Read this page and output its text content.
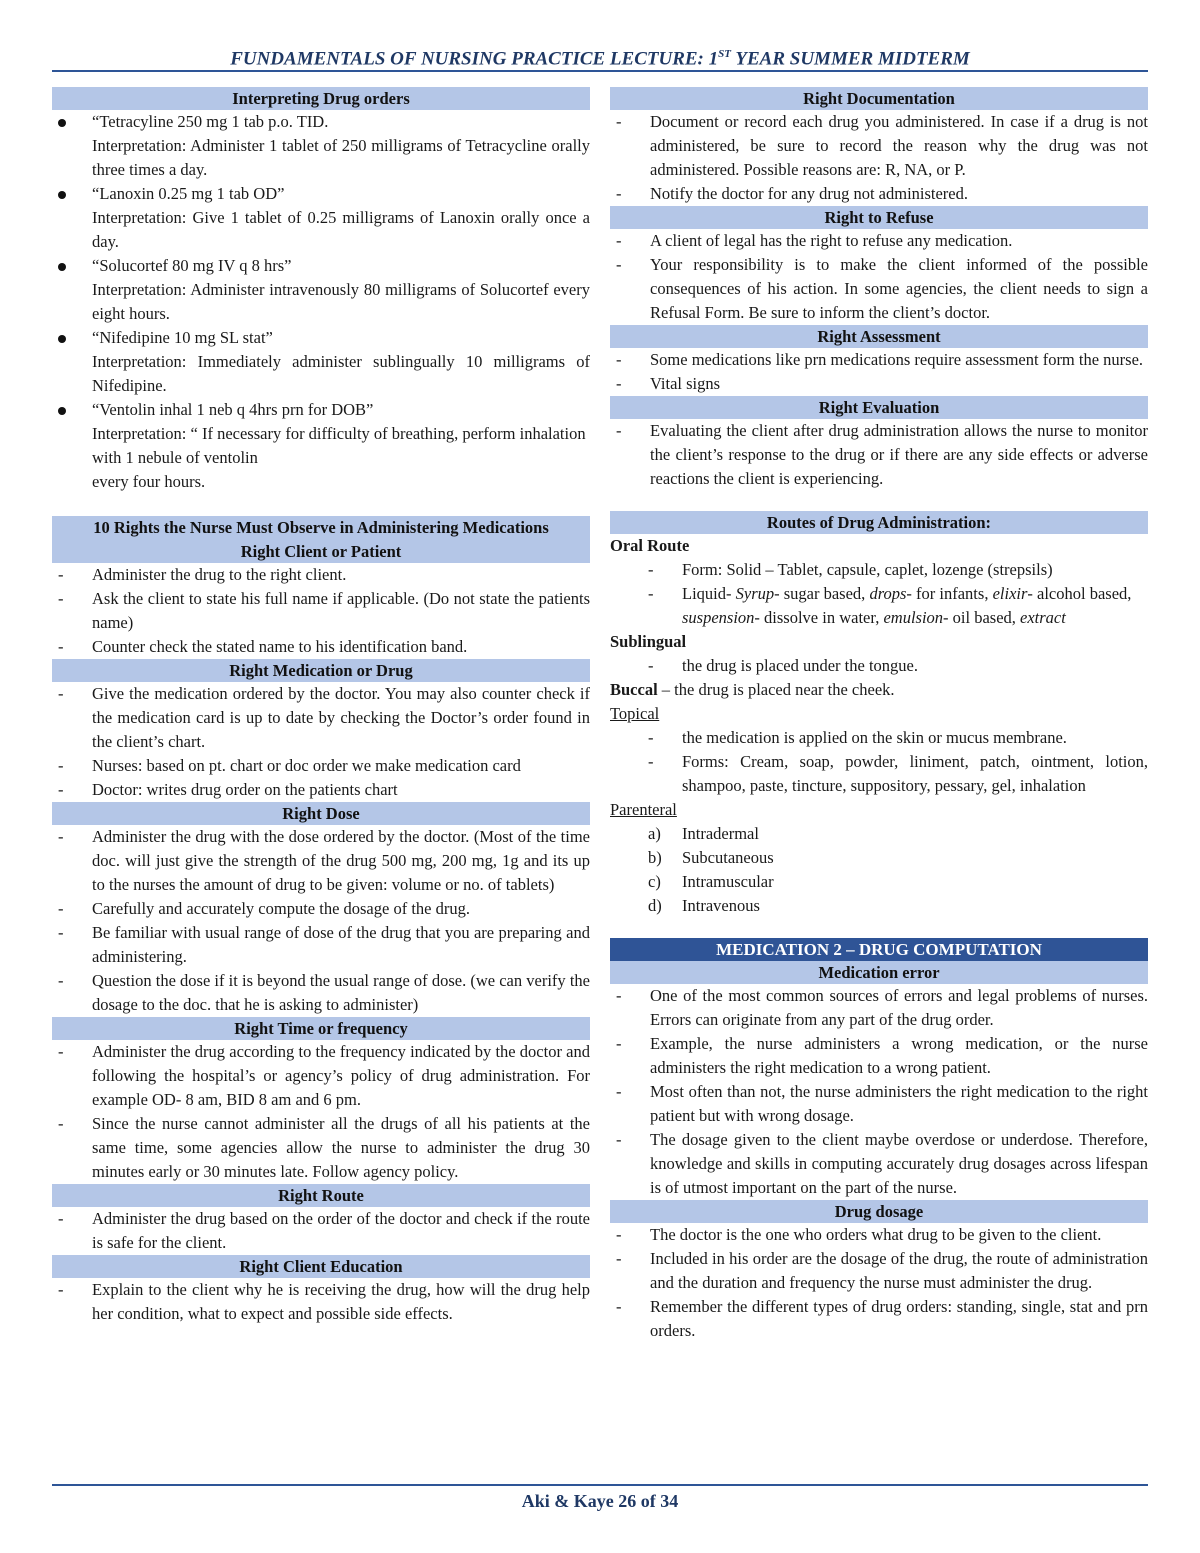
FUNDAMENTALS OF NURSING PRACTICE LECTURE: 1ST YEAR SUMMER MIDTERM
Interpreting Drug orders
“Tetracyline 250 mg 1 tab p.o. TID.
Interpretation: Administer 1 tablet of 250 milligrams of Tetracycline orally three times a day.
“Lanoxin 0.25 mg 1 tab OD”
Interpretation: Give 1 tablet of 0.25 milligrams of Lanoxin orally once a day.
“Solucortef 80 mg IV q 8 hrs”
Interpretation: Administer intravenously 80 milligrams of Solucortef every eight hours.
“Nifedipine 10 mg SL stat”
Interpretation: Immediately administer sublingually 10 milligrams of Nifedipine.
“Ventolin inhal 1 neb q 4hrs prn for DOB”
Interpretation: “ If necessary for difficulty of breathing, perform inhalation with 1 nebule of ventolin
every four hours.
10 Rights the Nurse Must Observe in Administering Medications
Right Client or Patient
-	Administer the drug to the right client.
-	Ask the client to state his full name if applicable. (Do not state the patients name)
-	Counter check the stated name to his identification band.
Right Medication or Drug
-	Give the medication ordered by the doctor. You may also counter check if the medication card is up to date by checking the Doctor’s order found in the client’s chart.
-	Nurses: based on pt. chart or doc order we make medication card
-	Doctor: writes drug order on the patients chart
Right Dose
-	Administer the drug with the dose ordered by the doctor. (Most of the time doc. will just give the strength of the drug 500 mg, 200 mg, 1g and its up to the nurses the amount of drug to be given: volume or no. of tablets)
-	Carefully and accurately compute the dosage of the drug.
-	Be familiar with usual range of dose of the drug that you are preparing and administering.
-	Question the dose if it is beyond the usual range of dose. (we can verify the dosage to the doc. that he is asking to administer)
Right Time or frequency
-	Administer the drug according to the frequency indicated by the doctor and following the hospital’s or agency’s policy of drug administration. For example OD- 8 am, BID 8 am and 6 pm.
-	Since the nurse cannot administer all the drugs of all his patients at the same time, some agencies allow the nurse to administer the drug 30 minutes early or 30 minutes late. Follow agency policy.
Right Route
-	Administer the drug based on the order of the doctor and check if the route is safe for the client.
Right Client Education
-	Explain to the client why he is receiving the drug, how will the drug help her condition, what to expect and possible side effects.
Right Documentation
-	Document or record each drug you administered. In case if a drug is not administered, be sure to record the reason why the drug was not administered. Possible reasons are: R, NA, or P.
-	Notify the doctor for any drug not administered.
Right to Refuse
-	A client of legal has the right to refuse any medication.
-	Your responsibility is to make the client informed of the possible consequences of his action. In some agencies, the client needs to sign a Refusal Form. Be sure to inform the client’s doctor.
Right Assessment
-	Some medications like prn medications require assessment form the nurse.
-	Vital signs
Right Evaluation
-	Evaluating the client after drug administration allows the nurse to monitor the client’s response to the drug or if there are any side effects or adverse reactions the client is experiencing.
Routes of Drug Administration:
Oral Route
- Form: Solid – Tablet, capsule, caplet, lozenge (strepsils)
- Liquid- Syrup- sugar based, drops- for infants, elixir- alcohol based, suspension- dissolve in water, emulsion- oil based, extract
Sublingual
- the drug is placed under the tongue.
Buccal – the drug is placed near the cheek.
Topical
- the medication is applied on the skin or mucus membrane.
- Forms: Cream, soap, powder, liniment, patch, ointment, lotion, shampoo, paste, tincture, suppository, pessary, gel, inhalation
Parenteral
a) Intradermal
b) Subcutaneous
c) Intramuscular
d) Intravenous
MEDICATION 2 – DRUG COMPUTATION
Medication error
-	One of the most common sources of errors and legal problems of nurses. Errors can originate from any part of the drug order.
-	Example, the nurse administers a wrong medication, or the nurse administers the right medication to a wrong patient.
-	Most often than not, the nurse administers the right medication to the right patient but with wrong dosage.
-	The dosage given to the client maybe overdose or underdose. Therefore, knowledge and skills in computing accurately drug dosages across lifespan is of utmost important on the part of the nurse.
Drug dosage
-	The doctor is the one who orders what drug to be given to the client.
-	Included in his order are the dosage of the drug, the route of administration and the duration and frequency the nurse must administer the drug.
-	Remember the different types of drug orders: standing, single, stat and prn orders.
Aki & Kaye 26 of 34
